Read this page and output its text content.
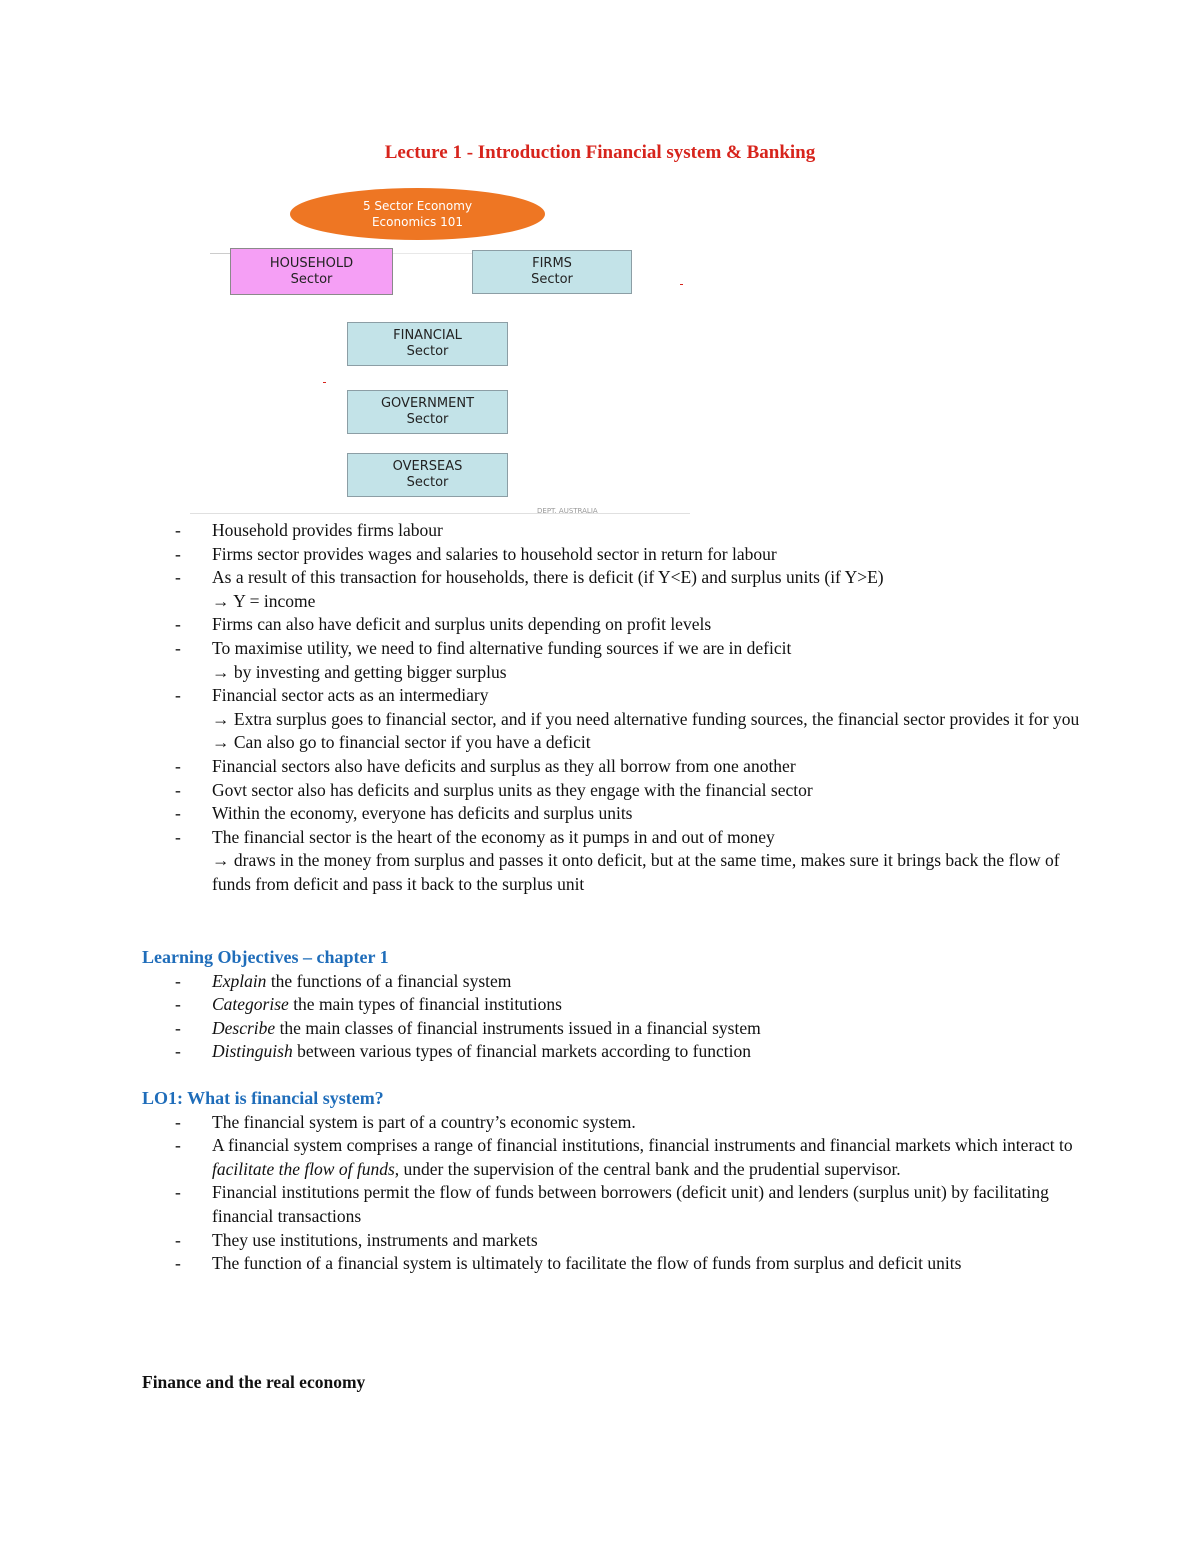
Lecture 1 - Introduction Financial system & Banking
5 Sector Economy
Economics 101
HOUSEHOLD
Sector
FIRMS
Sector
FINANCIAL
Sector
GOVERNMENT
Sector
OVERSEAS
Sector
DEPT. AUSTRALIA
- Household provides firms labour
- Firms sector provides wages and salaries to household sector in return for labour
- As a result of this transaction for households, there is deficit (if Y<E) and surplus units (if Y>E)
→ Y = income
- Firms can also have deficit and surplus units depending on profit levels
- To maximise utility, we need to find alternative funding sources if we are in deficit
→ by investing and getting bigger surplus
- Financial sector acts as an intermediary
→ Extra surplus goes to financial sector, and if you need alternative funding sources, the financial sector provides it for you
→ Can also go to financial sector if you have a deficit
- Financial sectors also have deficits and surplus as they all borrow from one another
- Govt sector also has deficits and surplus units as they engage with the financial sector
- Within the economy, everyone has deficits and surplus units
- The financial sector is the heart of the economy as it pumps in and out of money
→ draws in the money from surplus and passes it onto deficit, but at the same time, makes sure it brings back the flow of funds from deficit and pass it back to the surplus unit
Learning Objectives – chapter 1
- Explain the functions of a financial system
- Categorise the main types of financial institutions
- Describe the main classes of financial instruments issued in a financial system
- Distinguish between various types of financial markets according to function
LO1: What is financial system?
- The financial system is part of a country’s economic system.
- A financial system comprises a range of financial institutions, financial instruments and financial markets which interact to facilitate the flow of funds, under the supervision of the central bank and the prudential supervisor.
- Financial institutions permit the flow of funds between borrowers (deficit unit) and lenders (surplus unit) by facilitating financial transactions
- They use institutions, instruments and markets
- The function of a financial system is ultimately to facilitate the flow of funds from surplus and deficit units
Finance and the real economy
